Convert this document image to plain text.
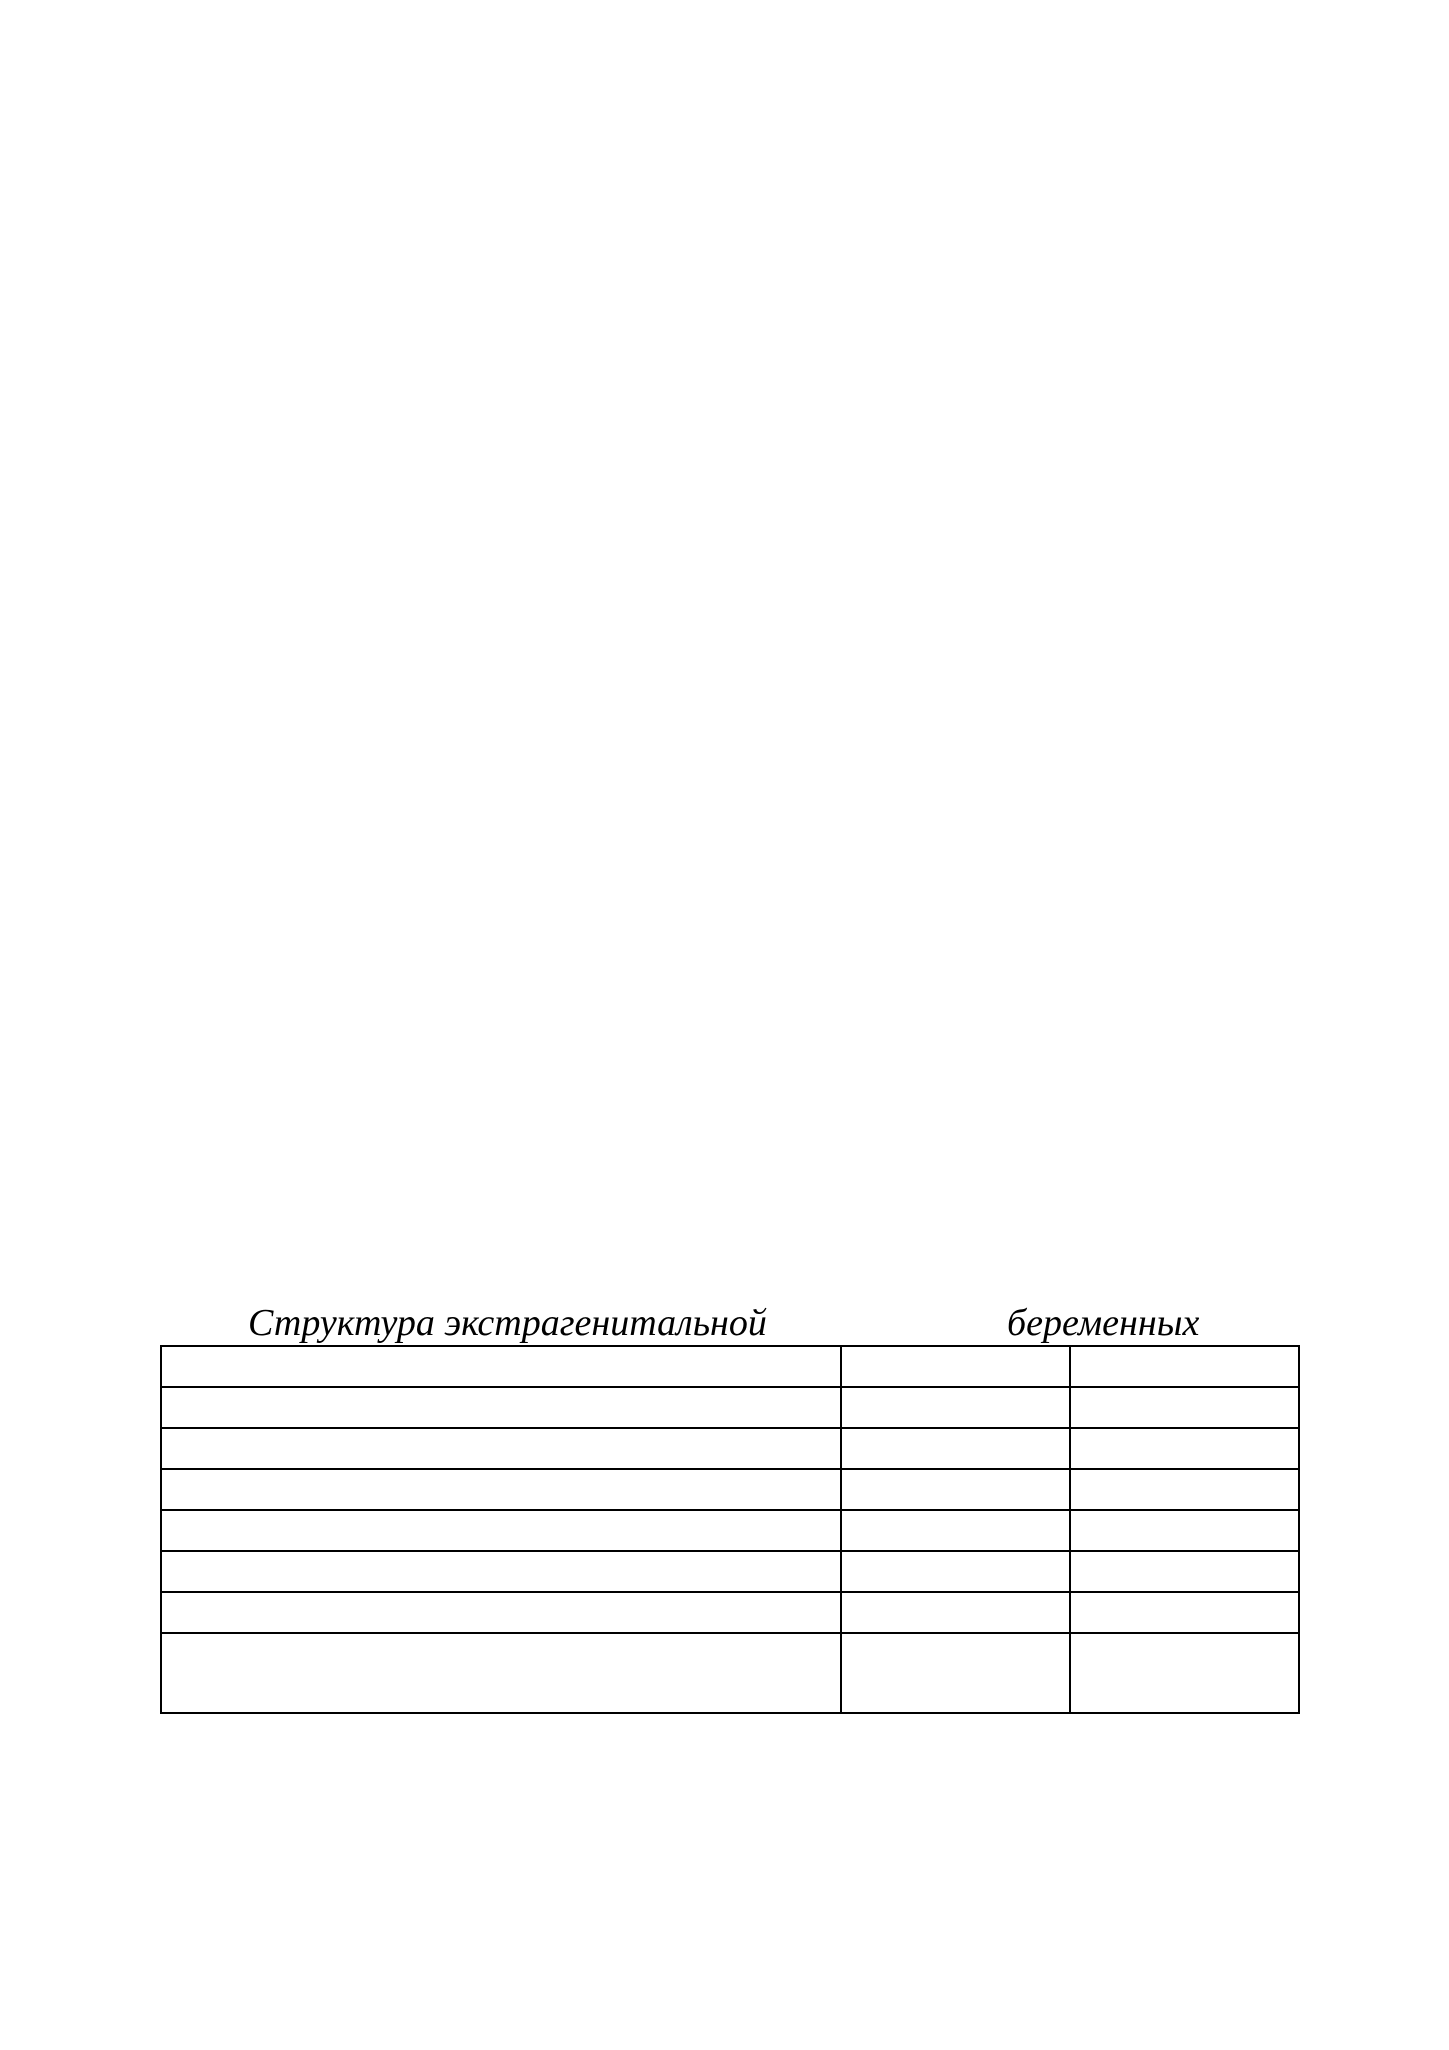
Структура экстрагенитальной	беременных
